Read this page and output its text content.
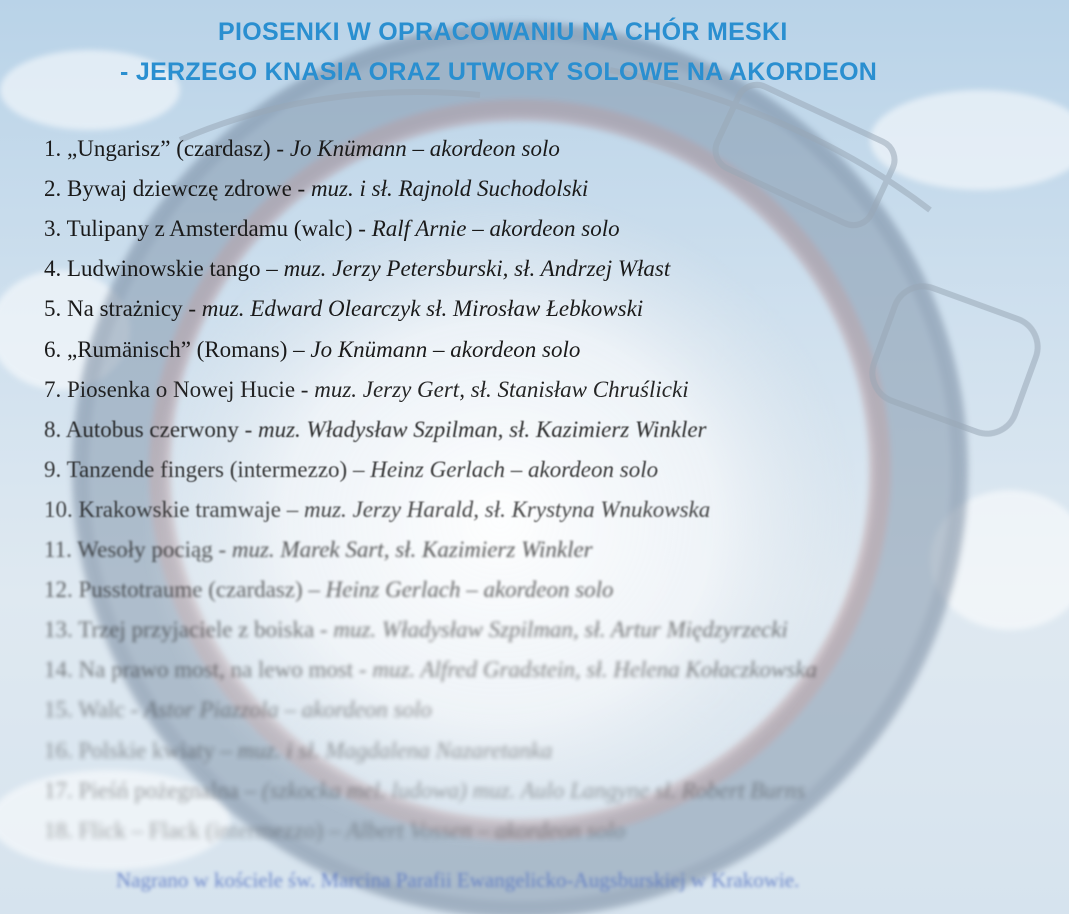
PIOSENKI W OPRACOWANIU NA CHÓR MESKI
- JERZEGO KNASIA ORAZ UTWORY SOLOWE NA AKORDEON
1. „Ungarisz” (czardasz) - Jo Knümann – akordeon solo
2. Bywaj dziewczę zdrowe - muz. i sł. Rajnold Suchodolski
3. Tulipany z Amsterdamu (walc) - Ralf Arnie – akordeon solo
4. Ludwinowskie tango – muz. Jerzy Petersburski, sł. Andrzej Włast
5. Na strażnicy - muz. Edward Olearczyk sł. Mirosław Łebkowski
6. „Rumänisch” (Romans) – Jo Knümann – akordeon solo
7. Piosenka o Nowej Hucie - muz. Jerzy Gert, sł. Stanisław Chruślicki
8. Autobus czerwony - muz. Władysław Szpilman, sł. Kazimierz Winkler
9. Tanzende fingers (intermezzo) – Heinz Gerlach – akordeon solo
10. Krakowskie tramwaje – muz. Jerzy Harald, sł. Krystyna Wnukowska
11. Wesoły pociąg - muz. Marek Sart, sł. Kazimierz Winkler
12. Pusstotraume (czardasz) – Heinz Gerlach – akordeon solo
13. Trzej przyjaciele z boiska - muz. Władysław Szpilman, sł. Artur Międzyrzecki
14. Na prawo most, na lewo most - muz. Alfred Gradstein, sł. Helena Kołaczkowska
15. Walc - Astor Piazzola – akordeon solo
16. Polskie kwiaty – muz. i sł. Magdalena Nazaretanka
17. Pieśń pożegnalna – (szkocka mel. ludowa) muz. Aulo Langyne sł. Robert Burns
18. Flick – Flack (intermezzo) – Albert Vossen – akordeon solo
Nagrano w kościele św. Marcina Parafii Ewangelicko-Augsburskiej w Krakowie.
